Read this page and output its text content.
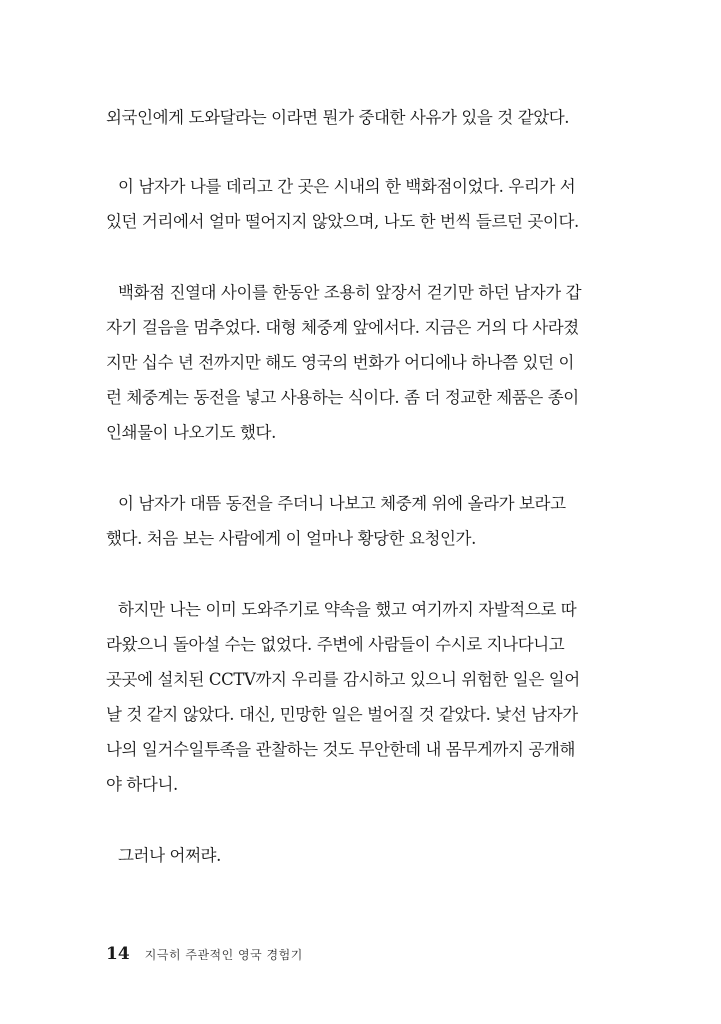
외국인에게 도와달라는 이라면 뭔가 중대한 사유가 있을 것 같았다.
이 남자가 나를 데리고 간 곳은 시내의 한 백화점이었다. 우리가 서
있던 거리에서 얼마 떨어지지 않았으며, 나도 한 번씩 들르던 곳이다.
백화점 진열대 사이를 한동안 조용히 앞장서 걷기만 하던 남자가 갑
자기 걸음을 멈추었다. 대형 체중계 앞에서다. 지금은 거의 다 사라졌
지만 십수 년 전까지만 해도 영국의 번화가 어디에나 하나쯤 있던 이
런 체중계는 동전을 넣고 사용하는 식이다. 좀 더 정교한 제품은 종이
인쇄물이 나오기도 했다.
이 남자가 대뜸 동전을 주더니 나보고 체중계 위에 올라가 보라고
했다. 처음 보는 사람에게 이 얼마나 황당한 요청인가.
하지만 나는 이미 도와주기로 약속을 했고 여기까지 자발적으로 따
라왔으니 돌아설 수는 없었다. 주변에 사람들이 수시로 지나다니고
곳곳에 설치된 CCTV까지 우리를 감시하고 있으니 위험한 일은 일어
날 것 같지 않았다. 대신, 민망한 일은 벌어질 것 같았다. 낯선 남자가
나의 일거수일투족을 관찰하는 것도 무안한데 내 몸무게까지 공개해
야 하다니.
그러나 어쩌랴.
14 지극히 주관적인 영국 경험기
